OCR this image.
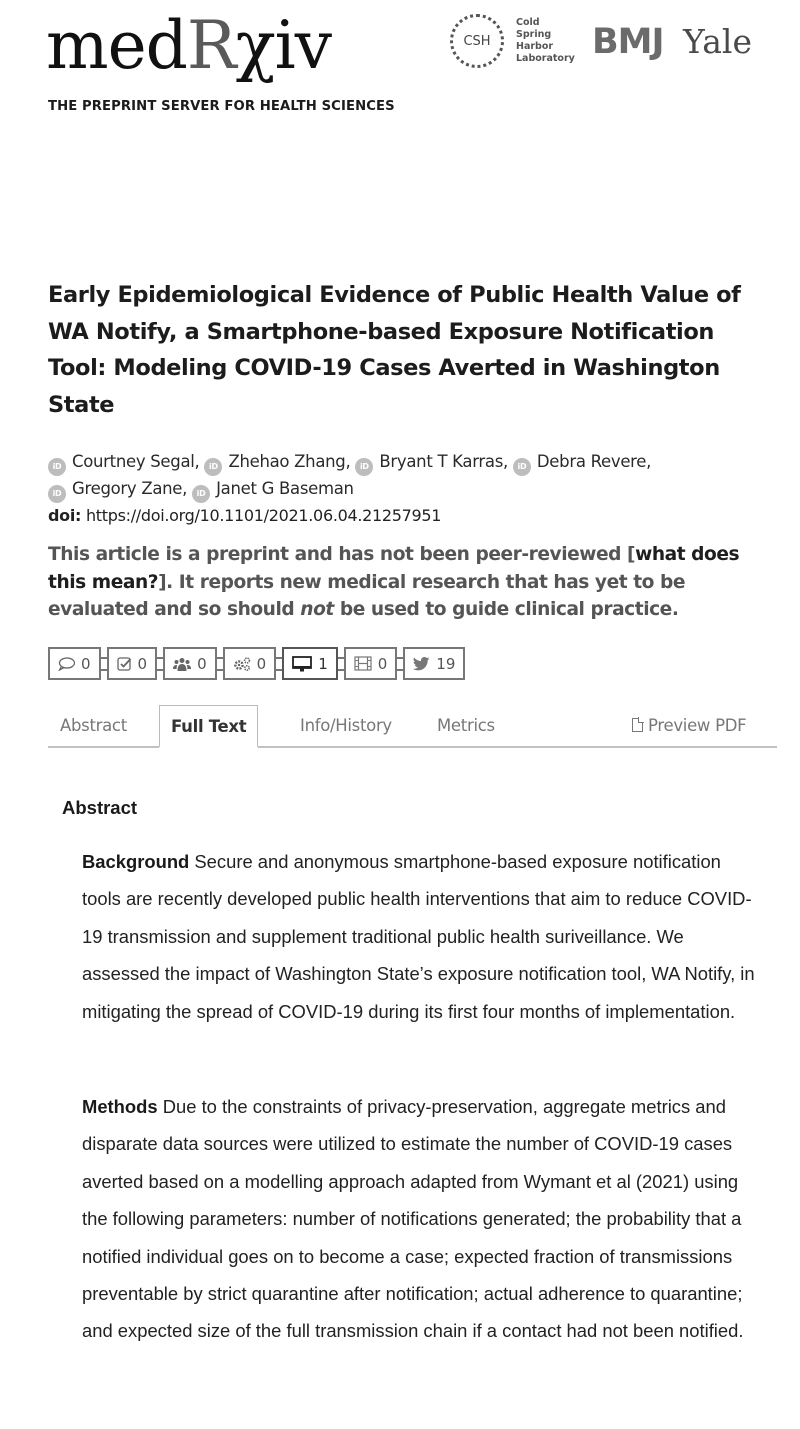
medRχiv
THE PREPRINT SERVER FOR HEALTH SCIENCES
CSH
Cold
Spring
Harbor
Laboratory BMJ Yale
Early Epidemiological Evidence of Public Health Value of WA Notify, a Smartphone-based Exposure Notification Tool: Modeling COVID-19 Cases Averted in Washington State
iD Courtney Segal, iD Zhehao Zhang, iD Bryant T Karras, iD Debra Revere,
iD Gregory Zane, iD Janet G Baseman
doi: https://doi.org/10.1101/2021.06.04.21257951
This article is a preprint and has not been peer-reviewed [what does this mean?]. It reports new medical research that has yet to be evaluated and so should not be used to guide clinical practice.
0	0	0	0	1	0	19
Abstract	Full Text	Info/History	Metrics	Preview PDF
Abstract

Background Secure and anonymous smartphone-based exposure notification tools are recently developed public health interventions that aim to reduce COVID-19 transmission and supplement traditional public health suriveillance. We assessed the impact of Washington State’s exposure notification tool, WA Notify, in mitigating the spread of COVID-19 during its first four months of implementation.

Methods Due to the constraints of privacy-preservation, aggregate metrics and disparate data sources were utilized to estimate the number of COVID-19 cases averted based on a modelling approach adapted from Wymant et al (2021) using the following parameters: number of notifications generated; the probability that a notified individual goes on to become a case; expected fraction of transmissions preventable by strict quarantine after notification; actual adherence to quarantine; and expected size of the full transmission chain if a contact had not been notified.
